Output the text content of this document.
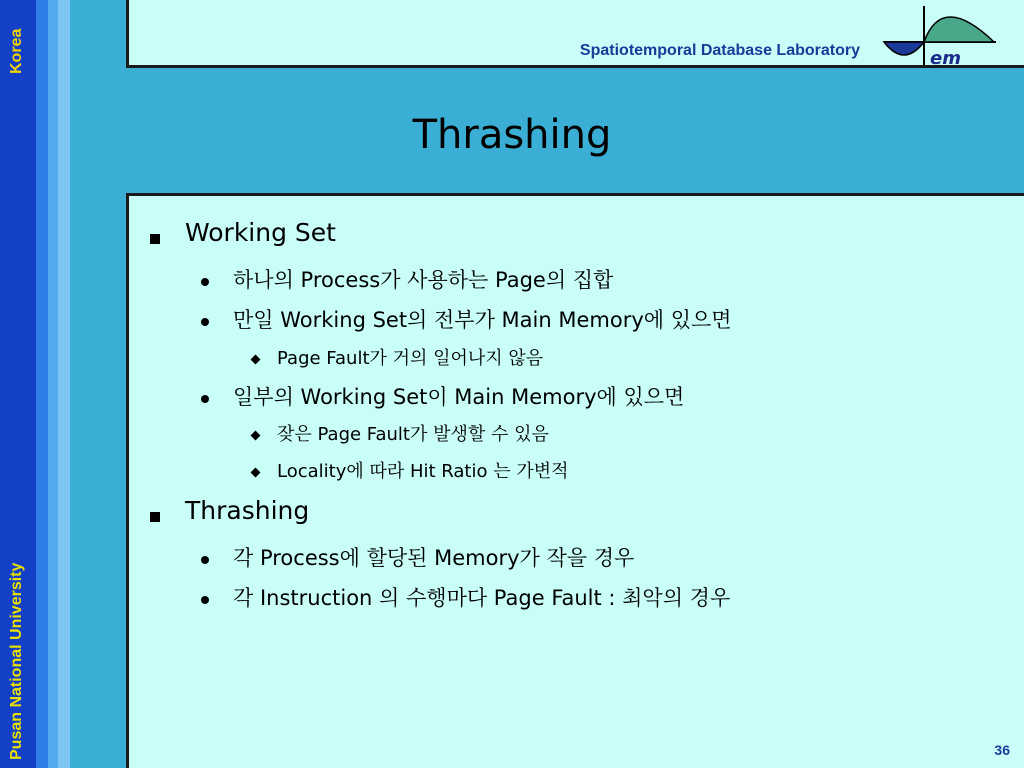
Korea
Pusan National University
Spatiotemporal Database Laboratory	em
Thrashing
Working Set
하나의 Process가 사용하는 Page의 집합
만일 Working Set의 전부가 Main Memory에 있으면
Page Fault가 거의 일어나지 않음
일부의 Working Set이 Main Memory에 있으면
잦은 Page Fault가 발생할 수 있음
Locality에 따라 Hit Ratio 는 가변적
Thrashing
각 Process에 할당된 Memory가 작을 경우
각 Instruction 의 수행마다 Page Fault : 최악의 경우
36
